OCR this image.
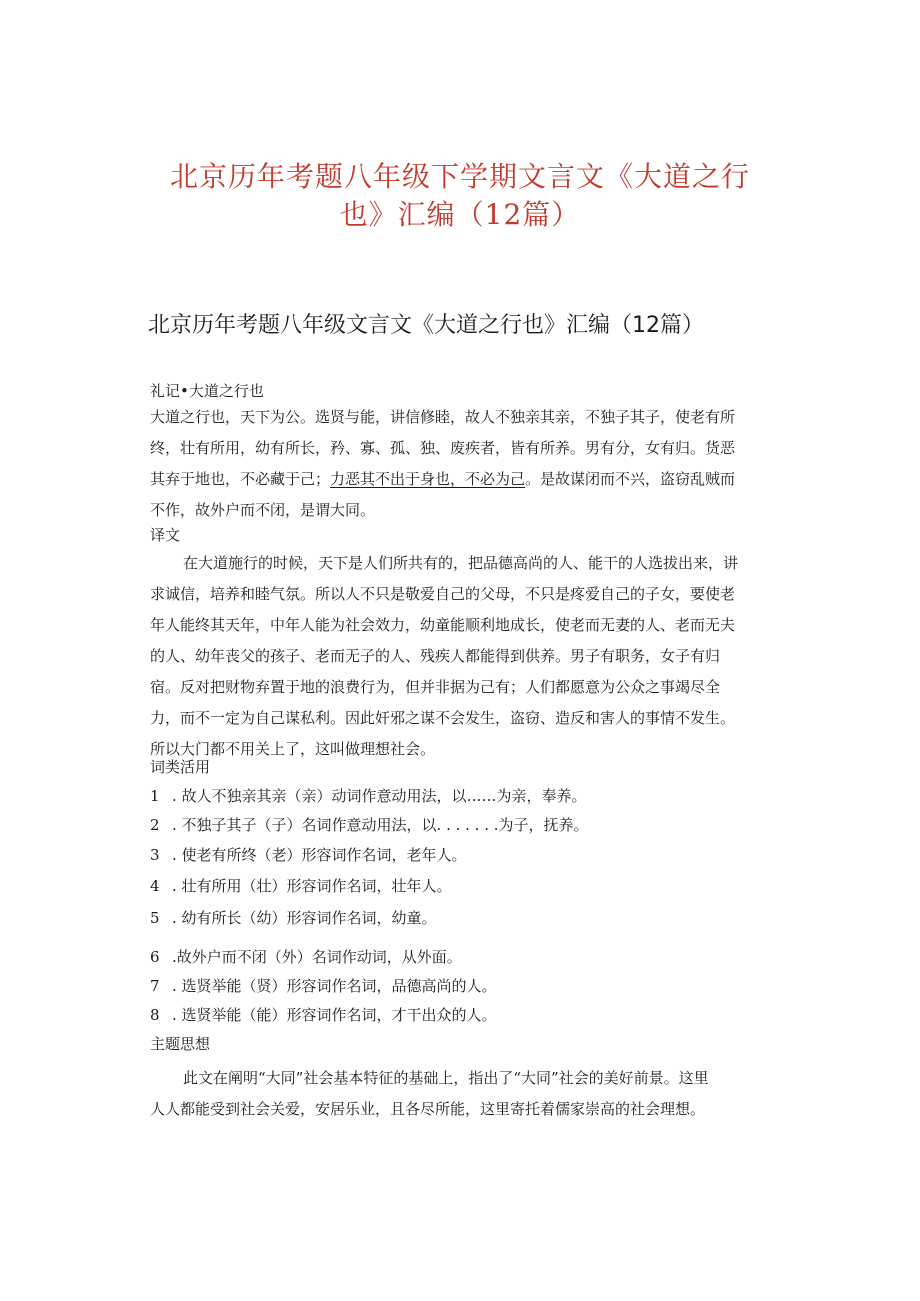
北京历年考题八年级下学期文言文《大道之行
也》汇编（12篇）
北京历年考题八年级文言文《大道之行也》汇编（12篇）
礼记•大道之行也
大道之行也，天下为公。选贤与能，讲信修睦，故人不独亲其亲，不独子其子，使老有所
终，壮有所用，幼有所长，矜、寡、孤、独、废疾者，皆有所养。男有分，女有归。货恶
其弃于地也，不必藏于己；力恶其不出于身也，不必为己。是故谋闭而不兴，盗窃乱贼而
不作，故外户而不闭，是谓大同。
译文
在大道施行的时候，天下是人们所共有的，把品德高尚的人、能干的人选拔出来，讲
求诚信，培养和睦气氛。所以人不只是敬爱自己的父母，不只是疼爱自己的子女，要使老
年人能终其天年，中年人能为社会效力，幼童能顺利地成长，使老而无妻的人、老而无夫
的人、幼年丧父的孩子、老而无子的人、残疾人都能得到供养。男子有职务，女子有归
宿。反对把财物弃置于地的浪费行为，但并非据为己有；人们都愿意为公众之事竭尽全
力，而不一定为自己谋私利。因此奸邪之谋不会发生，盗窃、造反和害人的事情不发生。
所以大门都不用关上了，这叫做理想社会。
词类活用
1 . 故人不独亲其亲（亲）动词作意动用法，以……为亲，奉养。
2 . 不独子其子（子）名词作意动用法，以. . . . . . .为子，抚养。
3 . 使老有所终（老）形容词作名词，老年人。
4 . 壮有所用（壮）形容词作名词，壮年人。
5 . 幼有所长（幼）形容词作名词，幼童。
6 .故外户而不闭（外）名词作动词，从外面。
7 . 选贤举能（贤）形容词作名词，品德高尚的人。
8 . 选贤举能（能）形容词作名词，才干出众的人。
主题思想
此文在阐明“大同”社会基本特征的基础上，指出了“大同”社会的美好前景。这里
人人都能受到社会关爱，安居乐业，且各尽所能，这里寄托着儒家崇高的社会理想。
